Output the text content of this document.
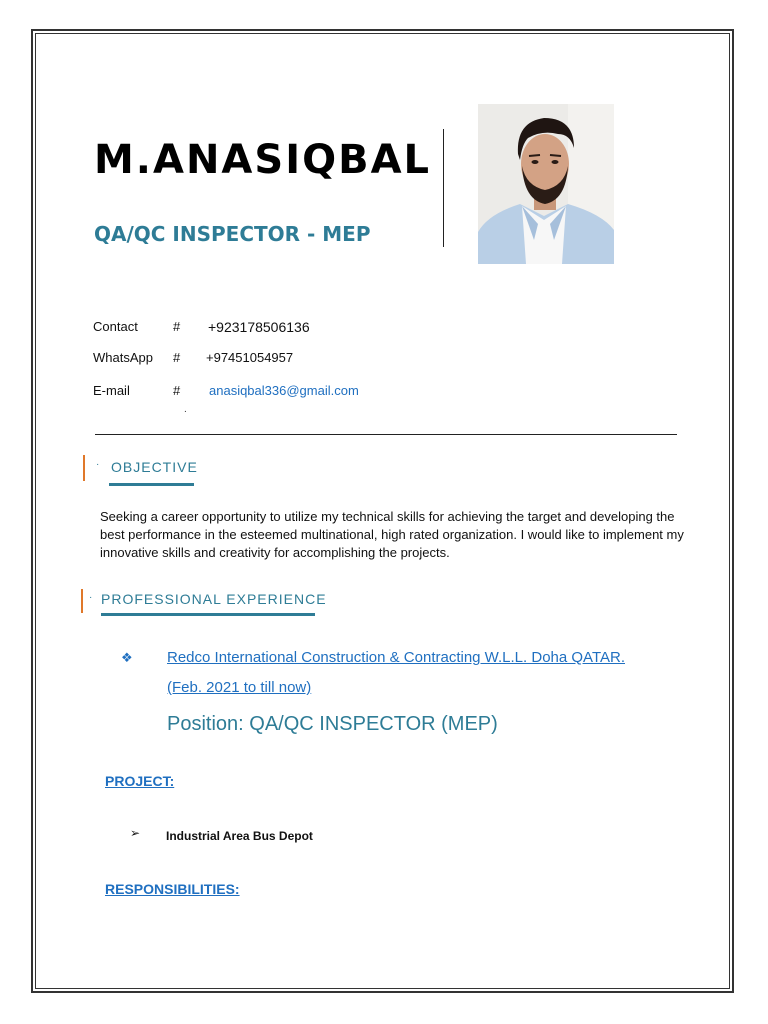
M.ANASIQBAL
QA/QC INSPECTOR - MEP
Contact	# +923178506136
WhatsApp # +97451054957
E-mail	# anasiqbal336@gmail.com
.
· OBJECTIVE

Seeking a career opportunity to utilize my technical skills for achieving the target and developing the best performance in the esteemed multinational, high rated organization. I would like to implement my innovative skills and creativity for accomplishing the projects.

· PROFESSIONAL EXPERIENCE
❖ Redco International Construction & Contracting W.L.L. Doha QATAR.
(Feb. 2021 to till now)
Position: QA/QC INSPECTOR (MEP)
PROJECT:
➢ Industrial Area Bus Depot
RESPONSIBILITIES:
